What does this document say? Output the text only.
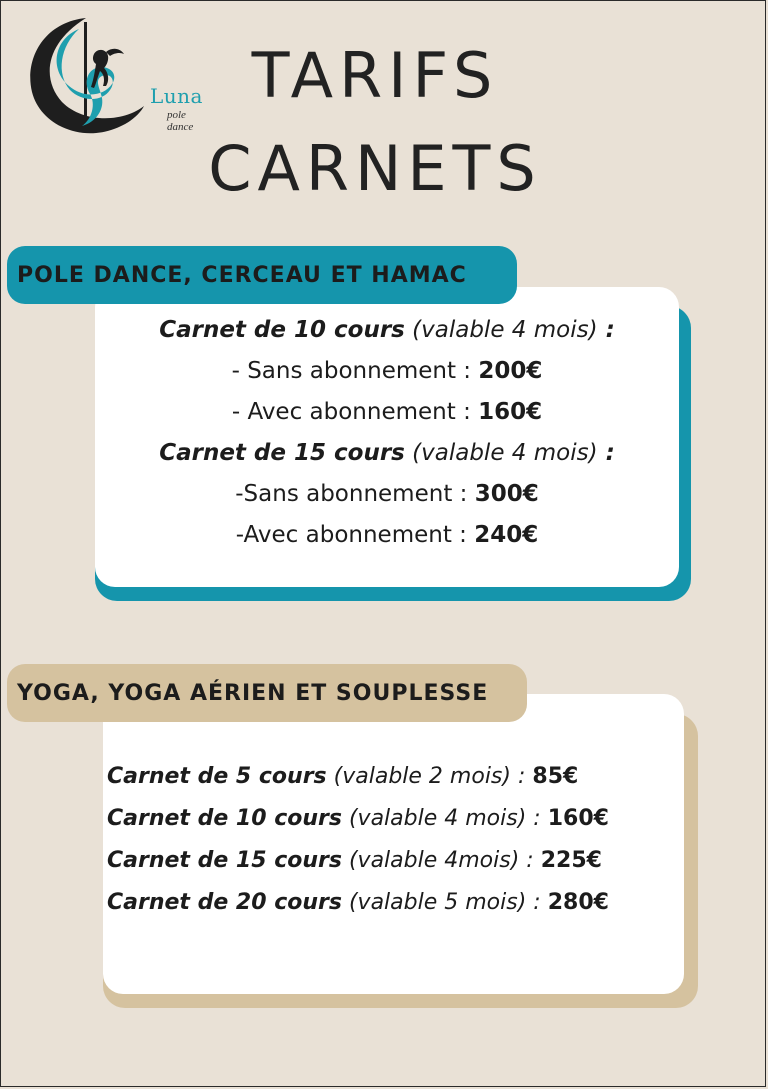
Luna
pole dance
TARIFS
CARNETS
POLE DANCE, CERCEAU ET HAMAC
Carnet de 10 cours (valable 4 mois) :
- Sans abonnement : 200€
- Avec abonnement : 160€
Carnet de 15 cours (valable 4 mois) :
-Sans abonnement : 300€
-Avec abonnement : 240€
YOGA, YOGA AÉRIEN ET SOUPLESSE
Carnet de 5 cours (valable 2 mois) : 85€
Carnet de 10 cours (valable 4 mois) : 160€
Carnet de 15 cours (valable 4mois) : 225€
Carnet de 20 cours (valable 5 mois) : 280€
